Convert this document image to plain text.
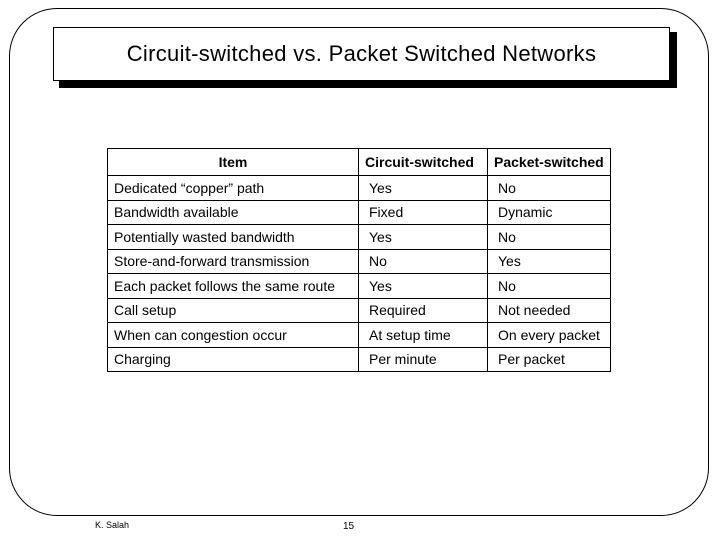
Circuit-switched vs. Packet Switched Networks
Item	Circuit-switched	Packet-switched
Dedicated “copper” path	Yes	No
Bandwidth available	Fixed	Dynamic
Potentially wasted bandwidth	Yes	No
Store-and-forward transmission	No	Yes
Each packet follows the same route	Yes	No
Call setup	Required	Not needed
When can congestion occur	At setup time	On every packet
Charging	Per minute	Per packet
K. Salah	15
